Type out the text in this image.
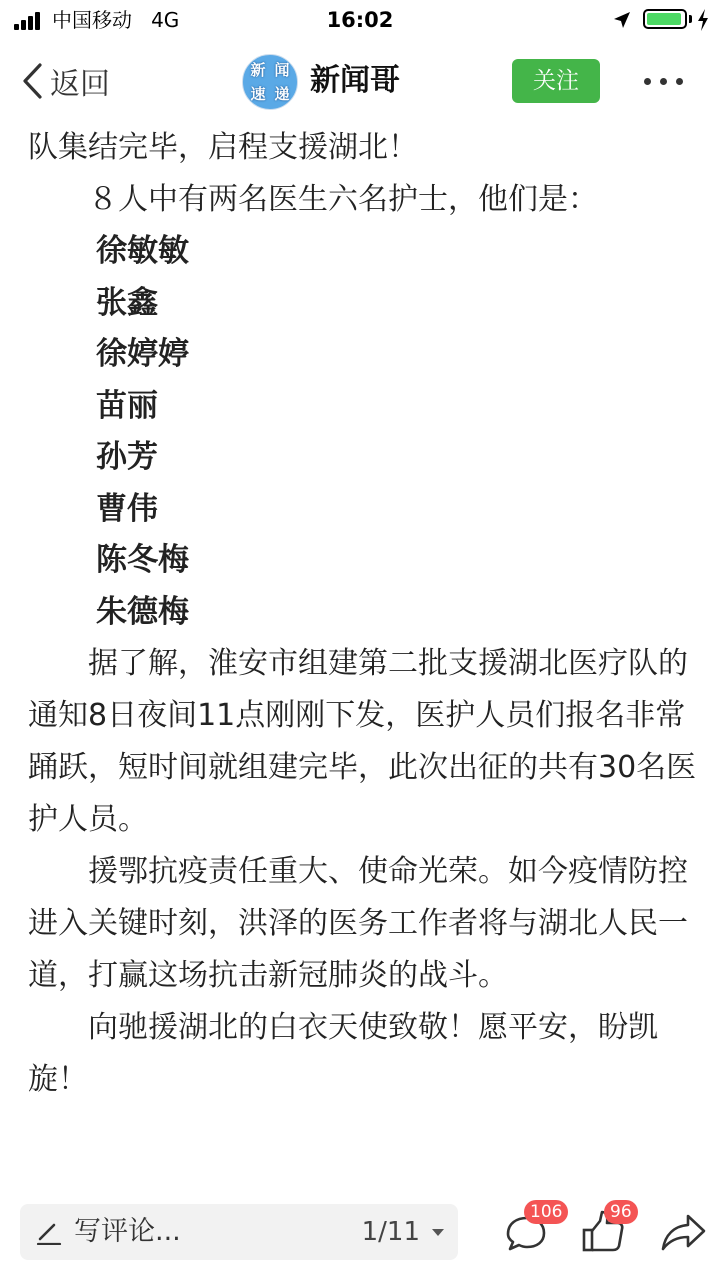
中国移动 4G	16:02
返回	新 闻
速 递 新闻哥	关注

队集结完毕，启程支援湖北！

８人中有两名医生六名护士，他们是：

徐敏敏
张鑫
徐婷婷
苗丽
孙芳
曹伟
陈冬梅
朱德梅

据了解，淮安市组建第二批支援湖北医疗队的通知8日夜间11点刚刚下发，医护人员们报名非常踊跃，短时间就组建完毕，此次出征的共有30名医护人员。

援鄂抗疫责任重大、使命光荣。如今疫情防控进入关键时刻，洪泽的医务工作者将与湖北人民一道，打赢这场抗击新冠肺炎的战斗。

向驰援湖北的白衣天使致敬！愿平安，盼凯旋！

写评论...	1/11
106	96
